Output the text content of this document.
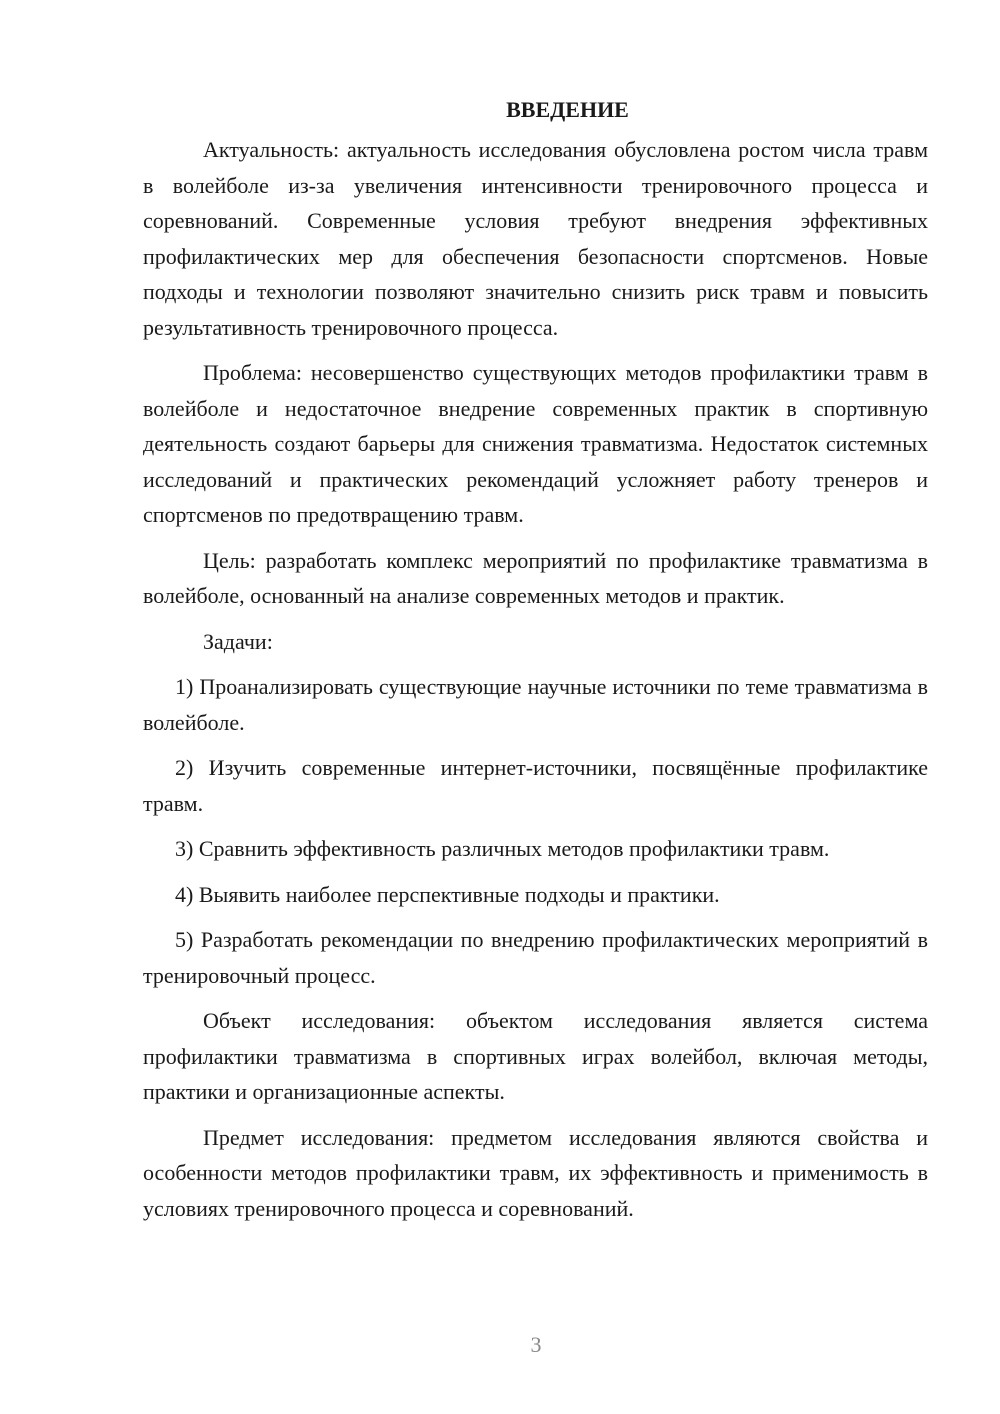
ВВЕДЕНИЕ

Актуальность: актуальность исследования обусловлена ростом числа травм в волейболе из-за увеличения интенсивности тренировочного процесса и соревнований. Современные условия требуют внедрения эффективных профилактических мер для обеспечения безопасности спортсменов. Новые подходы и технологии позволяют значительно снизить риск травм и повысить результативность тренировочного процесса.

Проблема: несовершенство существующих методов профилактики травм в волейболе и недостаточное внедрение современных практик в спортивную деятельность создают барьеры для снижения травматизма. Недостаток системных исследований и практических рекомендаций усложняет работу тренеров и спортсменов по предотвращению травм.

Цель: разработать комплекс мероприятий по профилактике травматизма в волейболе, основанный на анализе современных методов и практик.

Задачи:

1) Проанализировать существующие научные источники по теме травматизма в волейболе.

2) Изучить современные интернет-источники, посвящённые профилактике травм.

3) Сравнить эффективность различных методов профилактики травм.

4) Выявить наиболее перспективные подходы и практики.

5) Разработать рекомендации по внедрению профилактических мероприятий в тренировочный процесс.

Объект исследования: объектом исследования является система профилактики травматизма в спортивных играх волейбол, включая методы, практики и организационные аспекты.

Предмет исследования: предметом исследования являются свойства и особенности методов профилактики травм, их эффективность и применимость в условиях тренировочного процесса и соревнований.

3
